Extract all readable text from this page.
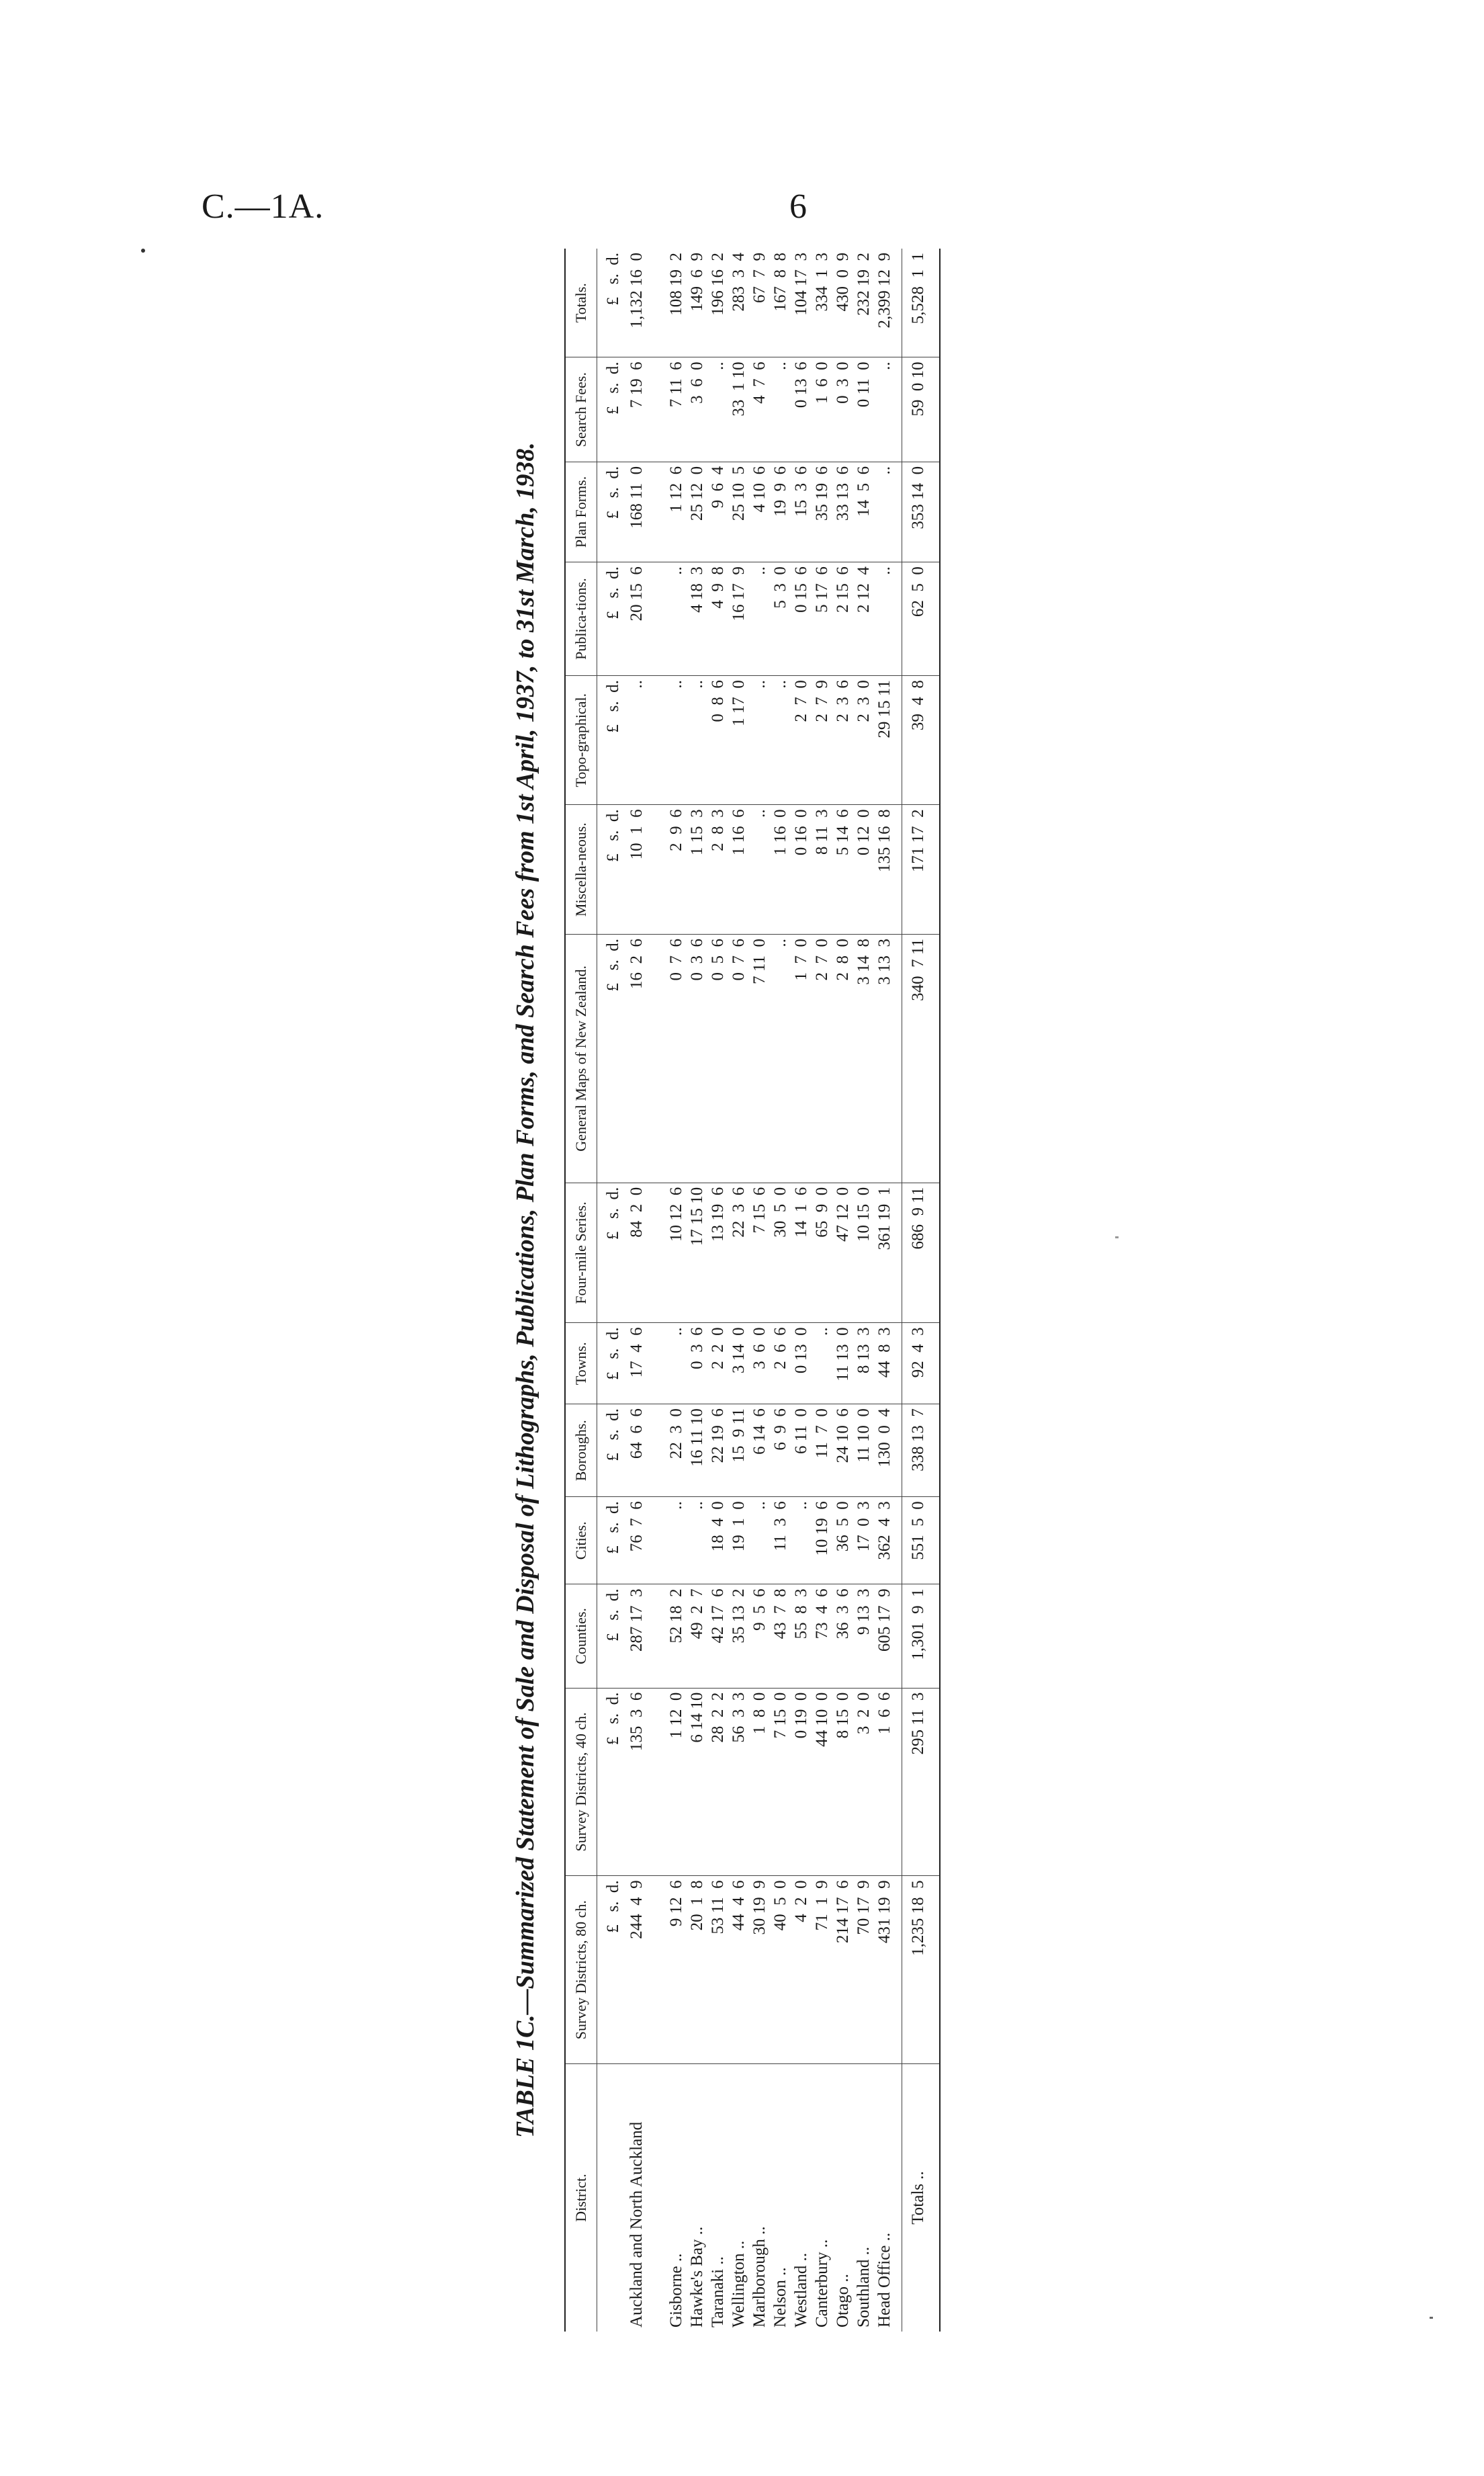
C.—1A.	6
TABLE 1C.—Summarized Statement of Sale and Disposal of Lithographs, Publications, Plan Forms, and Search Fees from 1st April, 1937, to 31st March, 1938.
District.	Survey Districts, 80 ch.	Survey Districts, 40 ch.	Counties.	Cities.	Boroughs.	Towns.	Four-mile Series.	General Maps of New Zealand.	Miscella-neous.	Topo-graphical.	Publica-tions.	Plan Forms.	Search Fees.	Totals.
	£   s.  d.	£   s.  d.	£   s.  d.	£   s.  d.	£   s.  d.	£   s.  d.	£   s.  d.	£   s.  d.	£   s.  d.	£   s.  d.	£   s.  d.	£   s.  d.	£   s.  d.	£   s.  d.
Auckland and North Auckland	244  4  9	135  3  6	287 17  3	76  7  6	64  6  6	17  4  6	84  2  0	16  2  6	10  1  6	..	20 15  6	168 11  0	7 19  6	1,132 16  0
Gisborne ..	9 12  6	1 12  0	52 18  2	..	22  3  0	..	10 12  6	0  7  6	2  9  6	..	..	1 12  6	7 11  6	108 19  2
Hawke's Bay ..	20  1  8	6 14 10	49  2  7	..	16 11 10	0  3  6	17 15 10	0  3  6	1 15  3	..	4 18  3	25 12  0	3  6  0	149  6  9
Taranaki ..	53 11  6	28  2  2	42 17  6	18  4  0	22 19  6	2  2  0	13 19  6	0  5  6	2  8  3	0  8  6	4  9  8	9  6  4	..	196 16  2
Wellington ..	44  4  6	56  3  3	35 13  2	19  1  0	15  9 11	3 14  0	22  3  6	0  7  6	1 16  6	1 17  0	16 17  9	25 10  5	33  1 10	283  3  4
Marlborough ..	30 19  9	1  8  0	9  5  6	..	6 14  6	3  6  0	7 15  6	7 11  0	..	..	..	4 10  6	4  7  6	67  7  9
Nelson ..	40  5  0	7 15  0	43  7  8	11  3  6	6  9  6	2  6  6	30  5  0	..	1 16  0	..	5  3  0	19  9  6	..	167  8  8
Westland ..	4  2  0	0 19  0	55  8  3	..	6 11  0	0 13  0	14  1  6	1  7  0	0 16  0	2  7  0	0 15  6	15  3  6	0 13  6	104 17  3
Canterbury ..	71  1  9	44 10  0	73  4  6	10 19  6	11  7  0	..	65  9  0	2  7  0	8 11  3	2  7  9	5 17  6	35 19  6	1  6  0	334  1  3
Otago ..	214 17  6	8 15  0	36  3  6	36  5  0	24 10  6	11 13  0	47 12  0	2  8  0	5 14  6	2  3  6	2 15  6	33 13  6	0  3  0	430  0  9
Southland ..	70 17  9	3  2  0	9 13  3	17  0  3	11 10  0	8 13  3	10 15  0	3 14  8	0 12  0	2  3  0	2 12  4	14  5  6	0 11  0	232 19  2
Head Office ..	431 19  9	1  6  6	605 17  9	362  4  3	130  0  4	44  8  3	361 19  1	3 13  3	135 16  8	29 15 11	..	..	..	2,399 12  9
Totals ..	1,235 18  5	295 11  3	1,301  9  1	551  5  0	338 13  7	92  4  3	686  9 11	340  7 11	171 17  2	39  4  8	62  5  0	353 14  0	59  0 10	5,528  1  1
